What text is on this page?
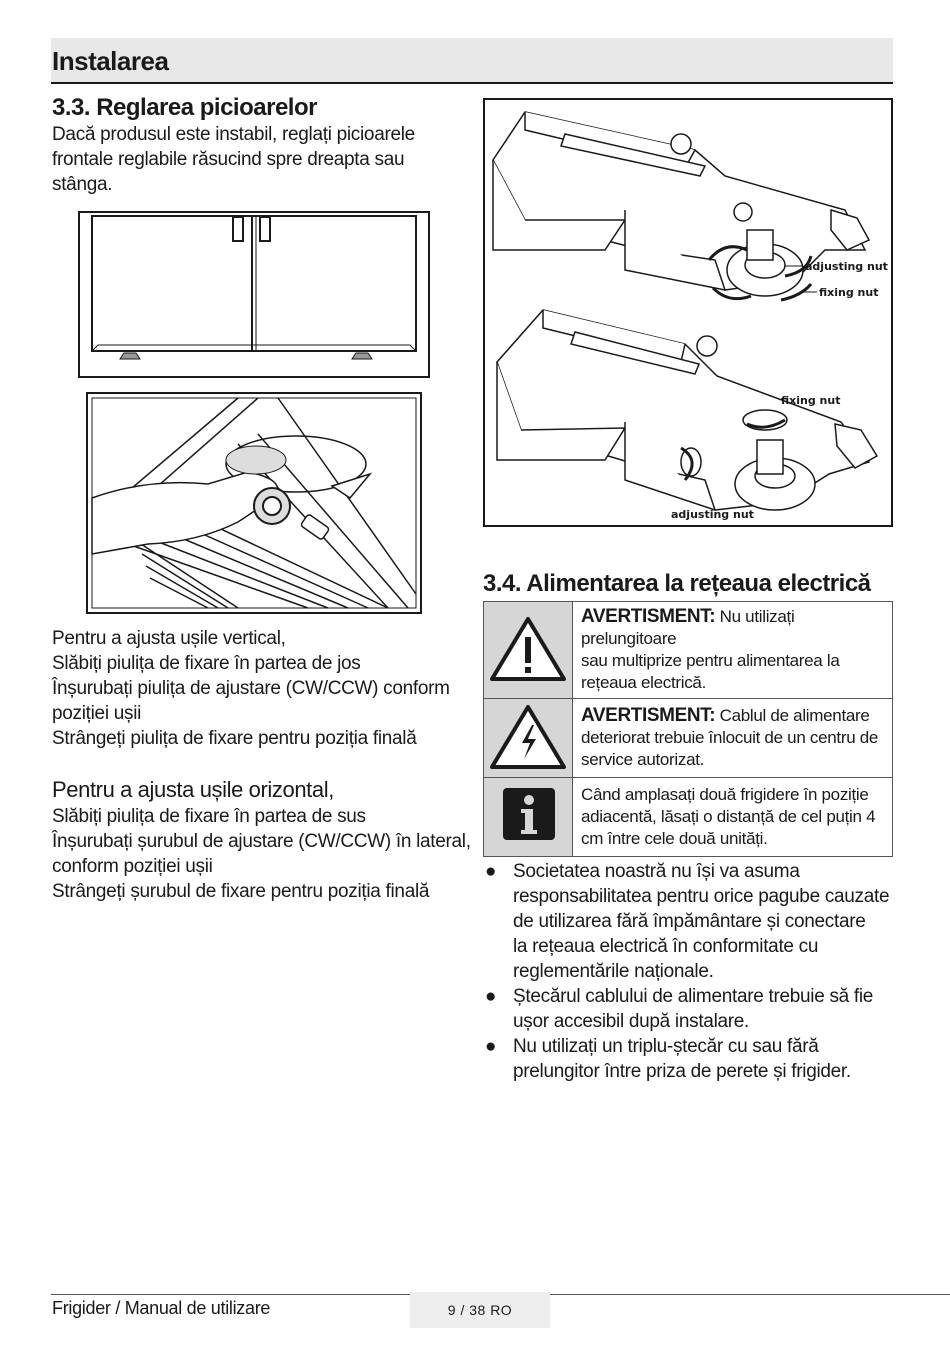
Instalarea
3.3. Reglarea picioarelor
Dacă produsul este instabil, reglați picioarele
frontale reglabile răsucind spre dreapta sau
stânga.
Pentru a ajusta ușile vertical,
Slăbiți piulița de fixare în partea de jos
Înșurubați piulița de ajustare (CW/CCW) conform
poziției ușii
Strângeți piulița de fixare pentru poziția finală
Pentru a ajusta ușile orizontal,
Slăbiți piulița de fixare în partea de sus
Înșurubați șurubul de ajustare (CW/CCW) în lateral,
conform poziției ușii
Strângeți șurubul de fixare pentru poziția finală
adjusting nut
fixing nut
fixing nut
adjusting nut
3.4. Alimentarea la rețeaua electrică
	AVERTISMENT: Nu utilizați prelungitoare
sau multiprize pentru alimentarea la
rețeaua electrică.

	AVERTISMENT: Cablul de alimentare
deteriorat trebuie înlocuit de un centru de
service autorizat.

	Când amplasați două frigidere în poziție
adiacentă, lăsați o distanță de cel puțin 4
cm între cele două unități.
● Societatea noastră nu își va asuma
responsabilitatea pentru orice pagube cauzate
de utilizarea fără împământare și conectare
la rețeaua electrică în conformitate cu
reglementările naționale.
● Ștecărul cablului de alimentare trebuie să fie
ușor accesibil după instalare.
● Nu utilizați un triplu-ștecăr cu sau fără
prelungitor între priza de perete și frigider.
Frigider / Manual de utilizare	9 / 38 RO
